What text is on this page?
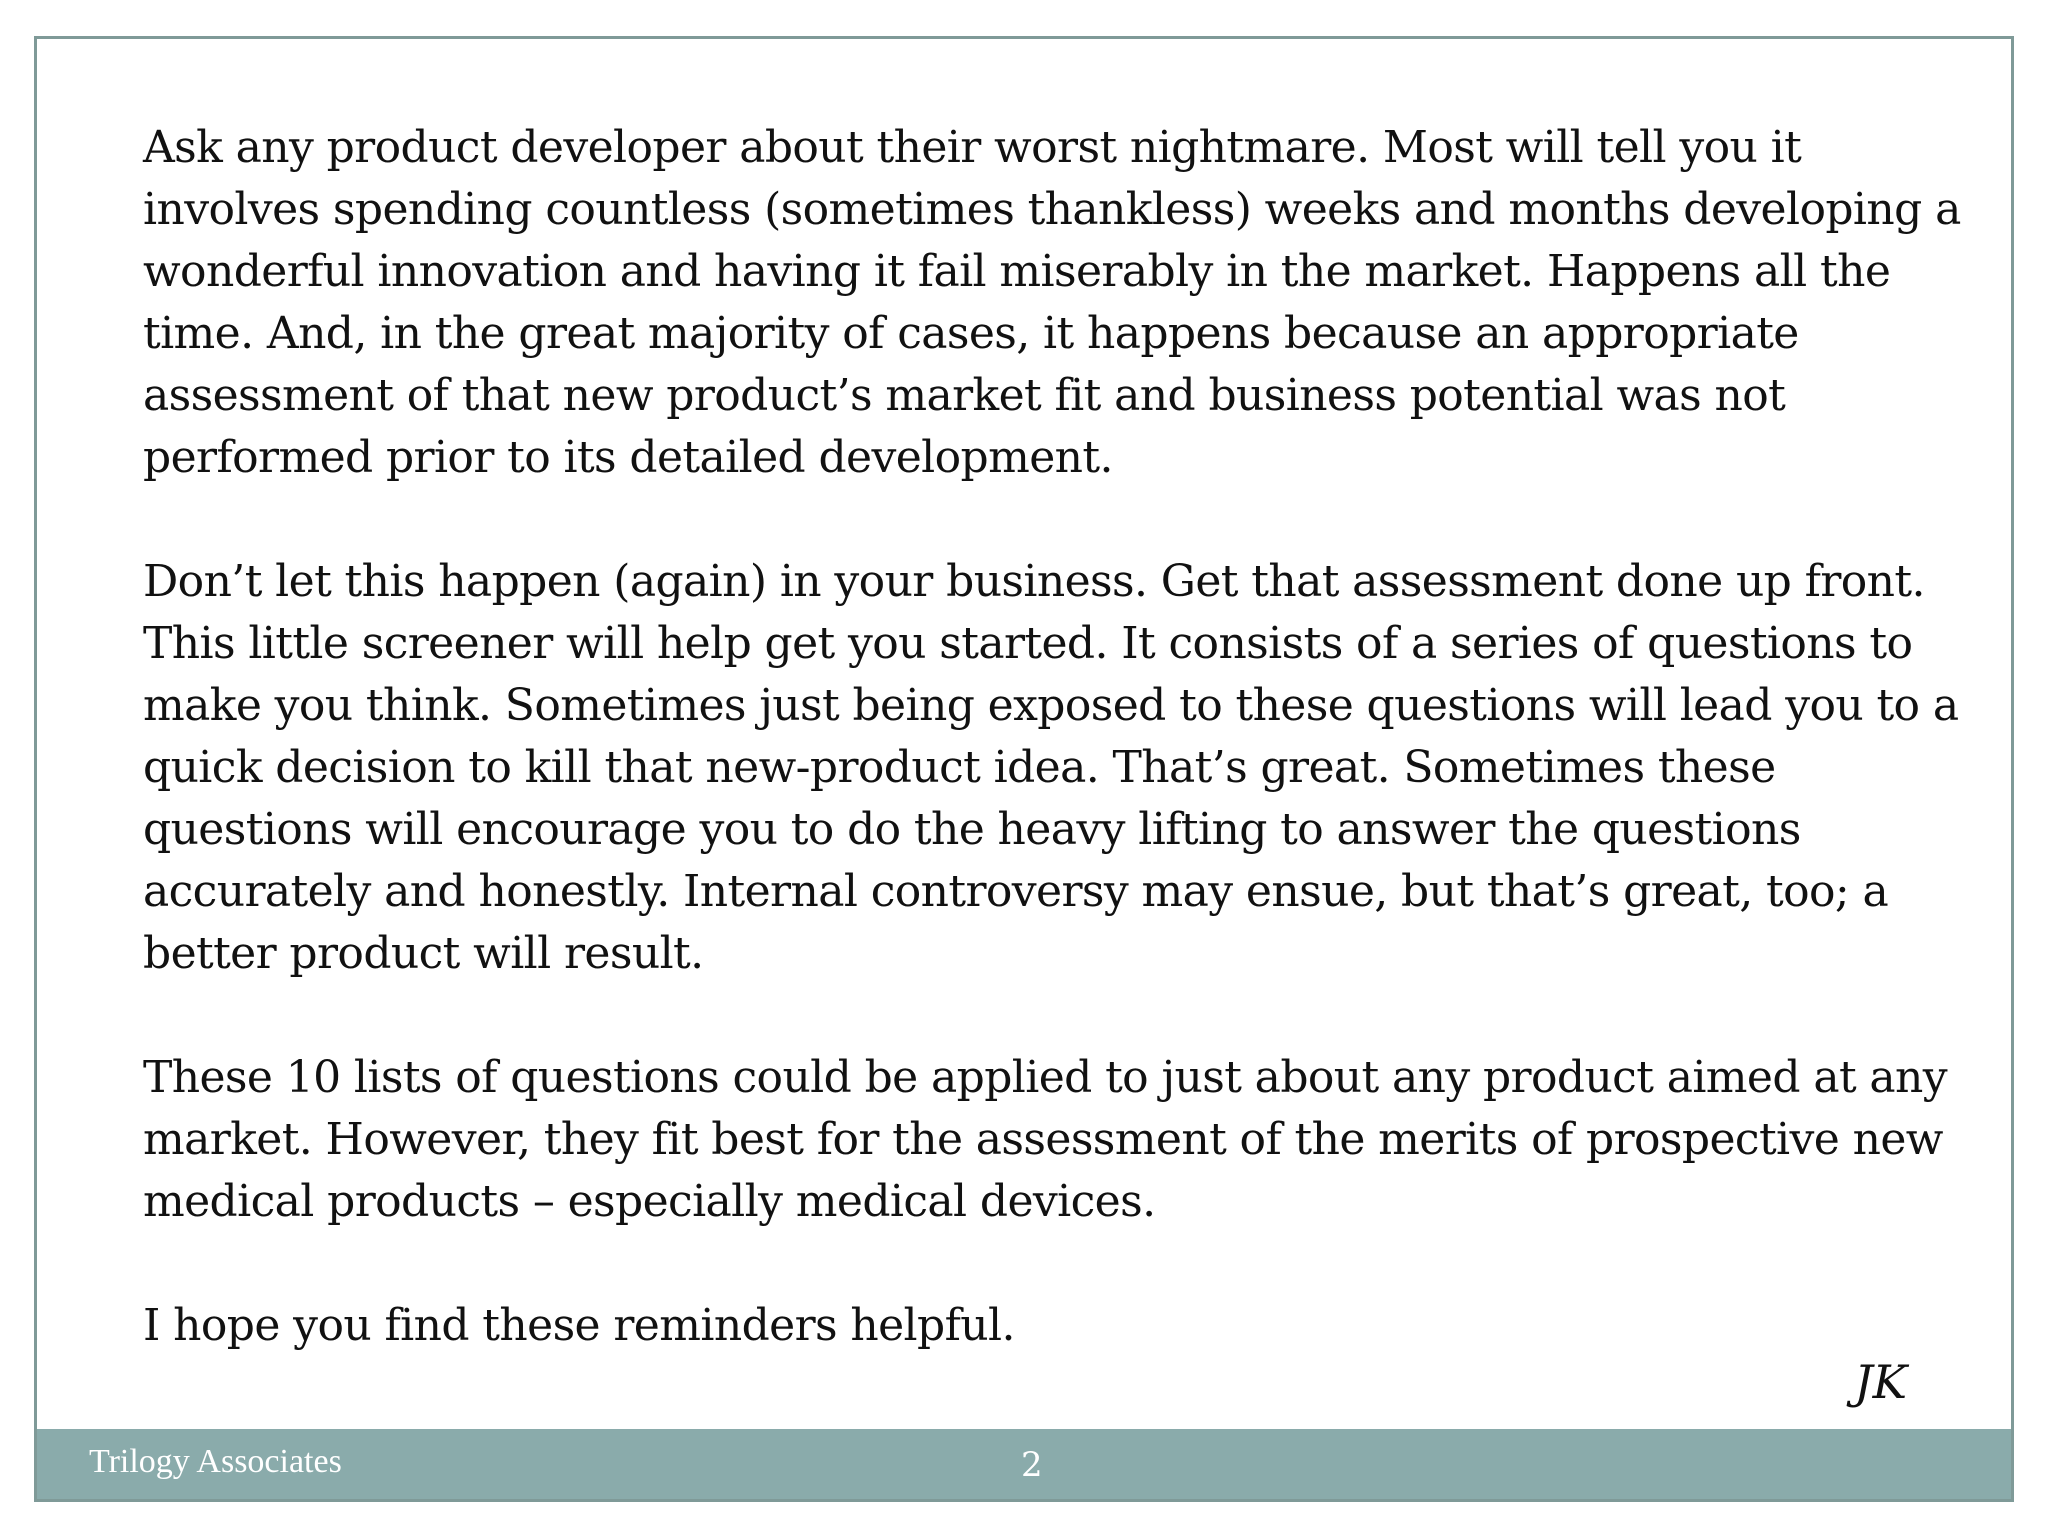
Ask any product developer about their worst nightmare. Most will tell you it involves spending countless (sometimes thankless) weeks and months developing a wonderful innovation and having it fail miserably in the market. Happens all the time. And, in the great majority of cases, it happens because an appropriate assessment of that new product’s market fit and business potential was not performed prior to its detailed development.

Don’t let this happen (again) in your business. Get that assessment done up front. This little screener will help get you started. It consists of a series of questions to make you think. Sometimes just being exposed to these questions will lead you to a quick decision to kill that new-product idea. That’s great. Sometimes these questions will encourage you to do the heavy lifting to answer the questions accurately and honestly. Internal controversy may ensue, but that’s great, too; a better product will result.

These 10 lists of questions could be applied to just about any product aimed at any market. However, they fit best for the assessment of the merits of prospective new medical products – especially medical devices.

I hope you find these reminders helpful.

JK
Trilogy Associates	2
